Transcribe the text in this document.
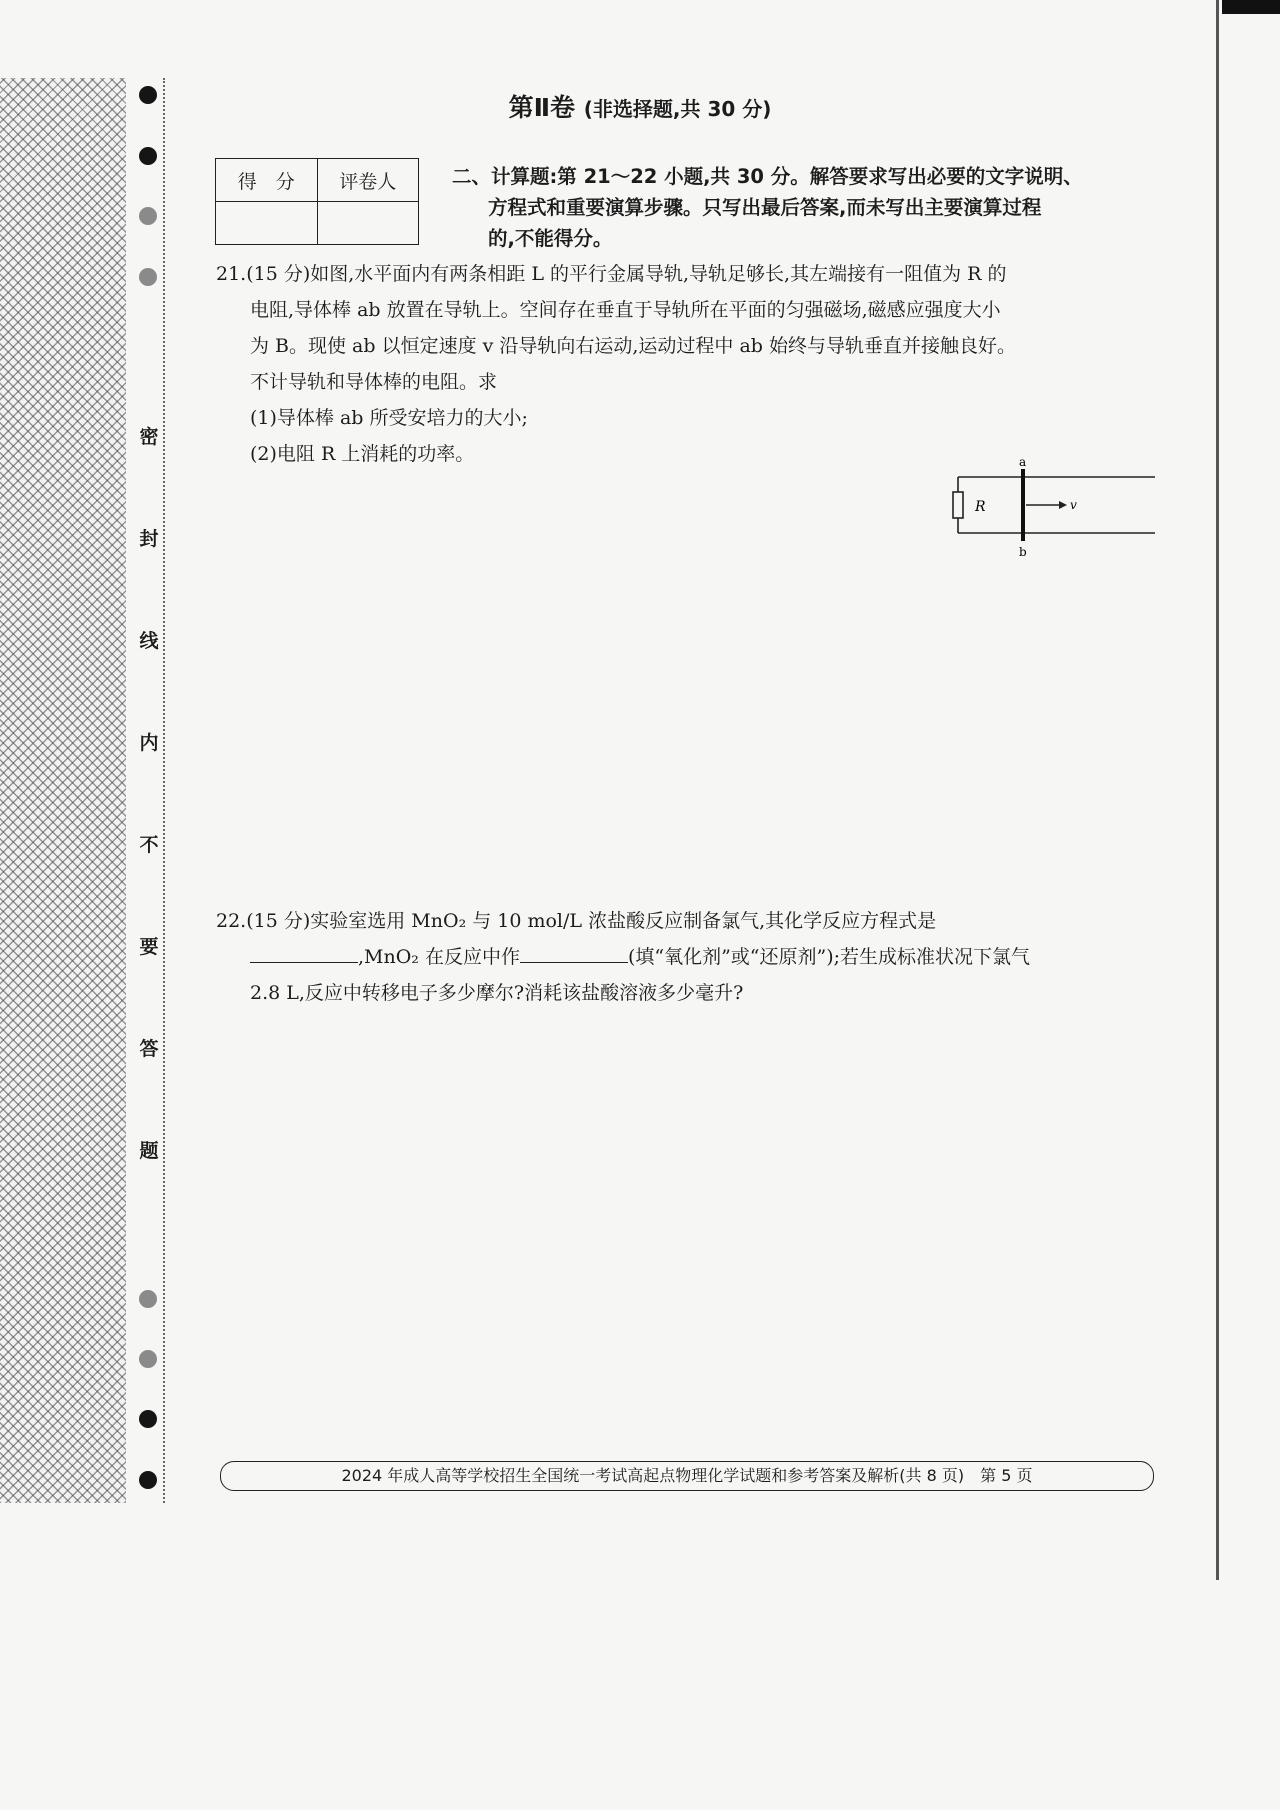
密
封
线
内
不
要
答
题
第Ⅱ卷 (非选择题,共 30 分)
得　分	评卷人
		二、计算题:第 21～22 小题,共 30 分。解答要求写出必要的文字说明、
方程式和重要演算步骤。只写出最后答案,而未写出主要演算过程
的,不能得分。
21.(15 分)如图,水平面内有两条相距 L 的平行金属导轨,导轨足够长,其左端接有一阻值为 R 的
电阻,导体棒 ab 放置在导轨上。空间存在垂直于导轨所在平面的匀强磁场,磁感应强度大小
为 B。现使 ab 以恒定速度 v 沿导轨向右运动,运动过程中 ab 始终与导轨垂直并接触良好。
不计导轨和导体棒的电阻。求
(1)导体棒 ab 所受安培力的大小;
(2)电阻 R 上消耗的功率。
R
a
b
v
22.(15 分)实验室选用 MnO₂ 与 10 mol/L 浓盐酸反应制备氯气,其化学反应方程式是
,MnO₂ 在反应中作	(填“氧化剂”或“还原剂”);若生成标准状况下氯气
2.8 L,反应中转移电子多少摩尔?消耗该盐酸溶液多少毫升?
2024 年成人高等学校招生全国统一考试高起点物理化学试题和参考答案及解析(共 8 页)　第 5 页
